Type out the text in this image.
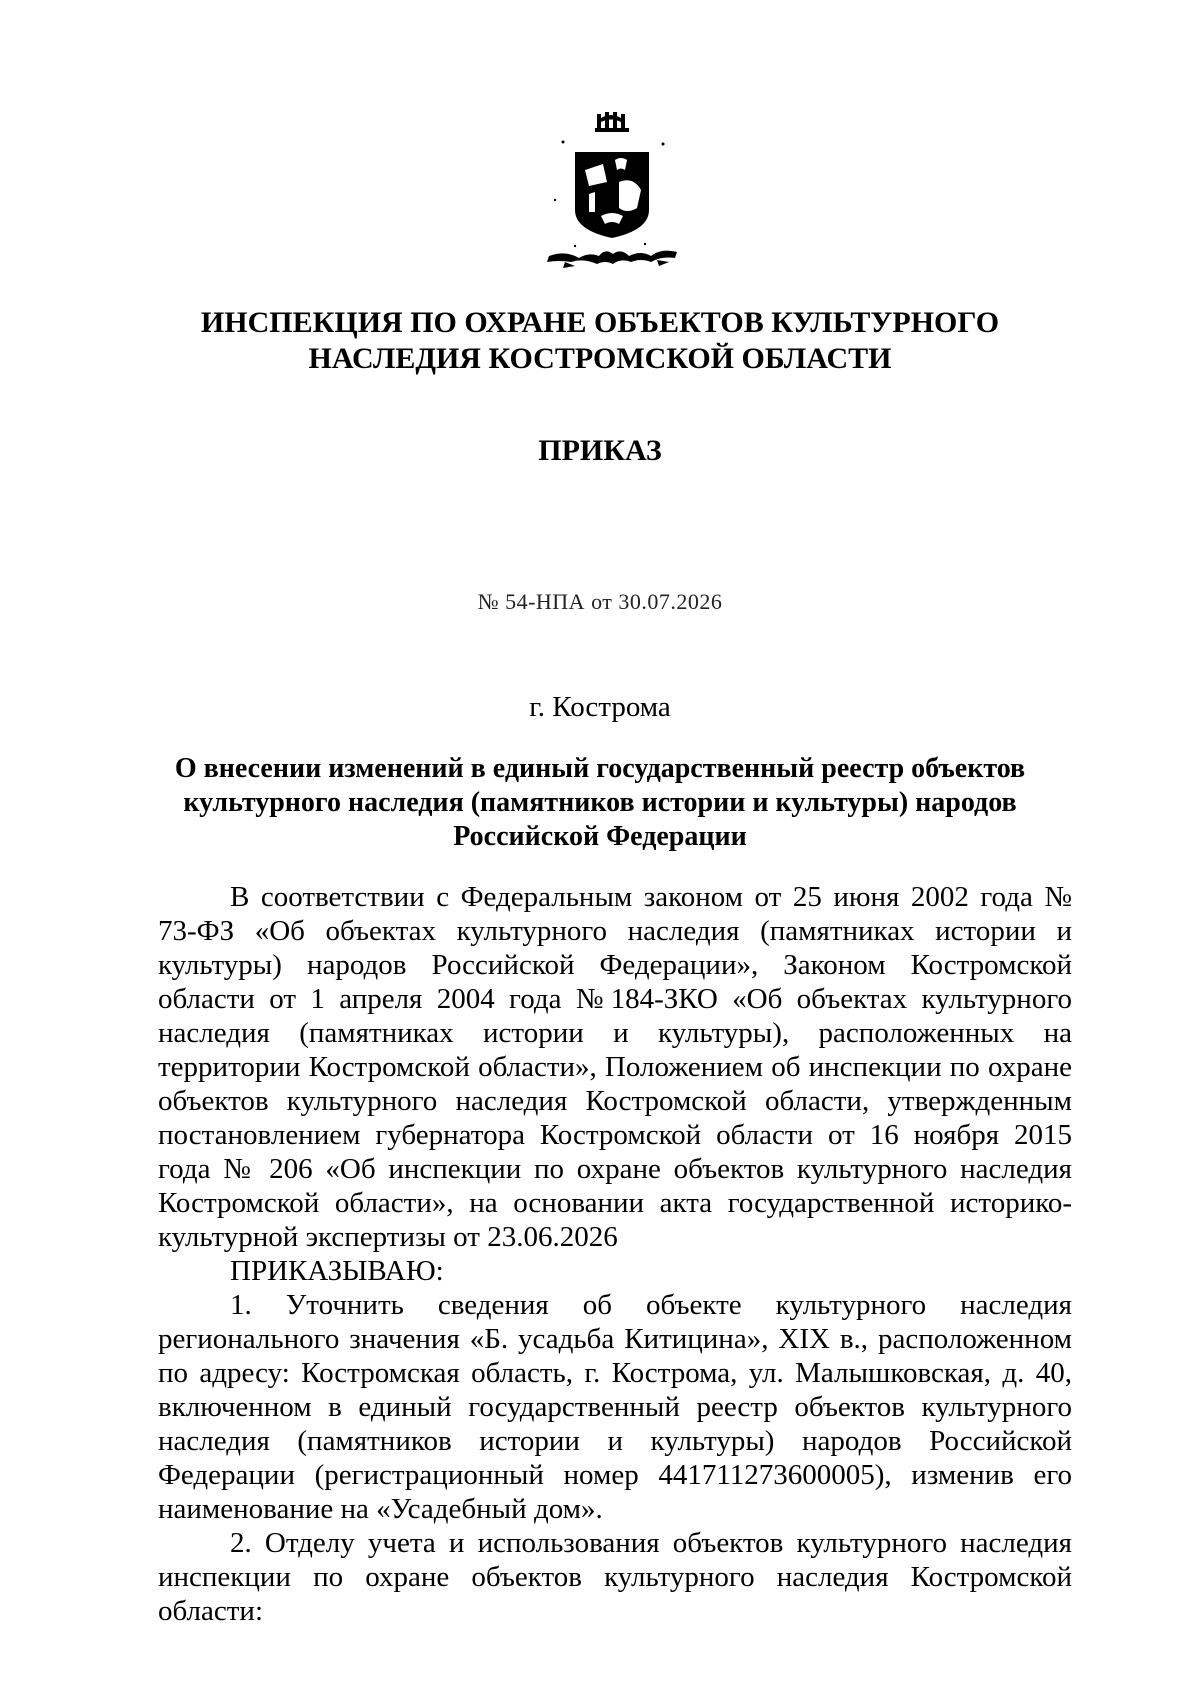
ИНСПЕКЦИЯ ПО ОХРАНЕ ОБЪЕКТОВ КУЛЬТУРНОГО
НАСЛЕДИЯ КОСТРОМСКОЙ ОБЛАСТИ
ПРИКАЗ
№ 54-НПА от 30.07.2026
г. Кострома
О внесении изменений в единый государственный реестр объектов
культурного наследия (памятников истории и культуры) народов
Российской Федерации

В соответствии с Федеральным законом от 25 июня 2002 года № 73-ФЗ «Об объектах культурного наследия (памятниках истории и культуры) народов Российской Федерации», Законом Костромской области от 1 апреля 2004 года №184-ЗКО «Об объектах культурного наследия (памятниках истории и культуры), расположенных на территории Костромской области», Положением об инспекции по охране объектов культурного наследия Костромской области, утвержденным постановлением губернатора Костромской области от 16 ноября 2015 года № 206 «Об инспекции по охране объектов культурного наследия Костромской области», на основании акта государственной историко-культурной экспертизы от 23.06.2026

ПРИКАЗЫВАЮ:

1. Уточнить сведения об объекте культурного наследия регионального значения «Б. усадьба Китицина», XIX в., расположенном по адресу: Костромская область, г. Кострома, ул. Малышковская, д. 40, включенном в единый государственный реестр объектов культурного наследия (памятников истории и культуры) народов Российской Федерации (регистрационный номер 441711273600005), изменив его наименование на «Усадебный дом».

2. Отделу учета и использования объектов культурного наследия инспекции по охране объектов культурного наследия Костромской области:
